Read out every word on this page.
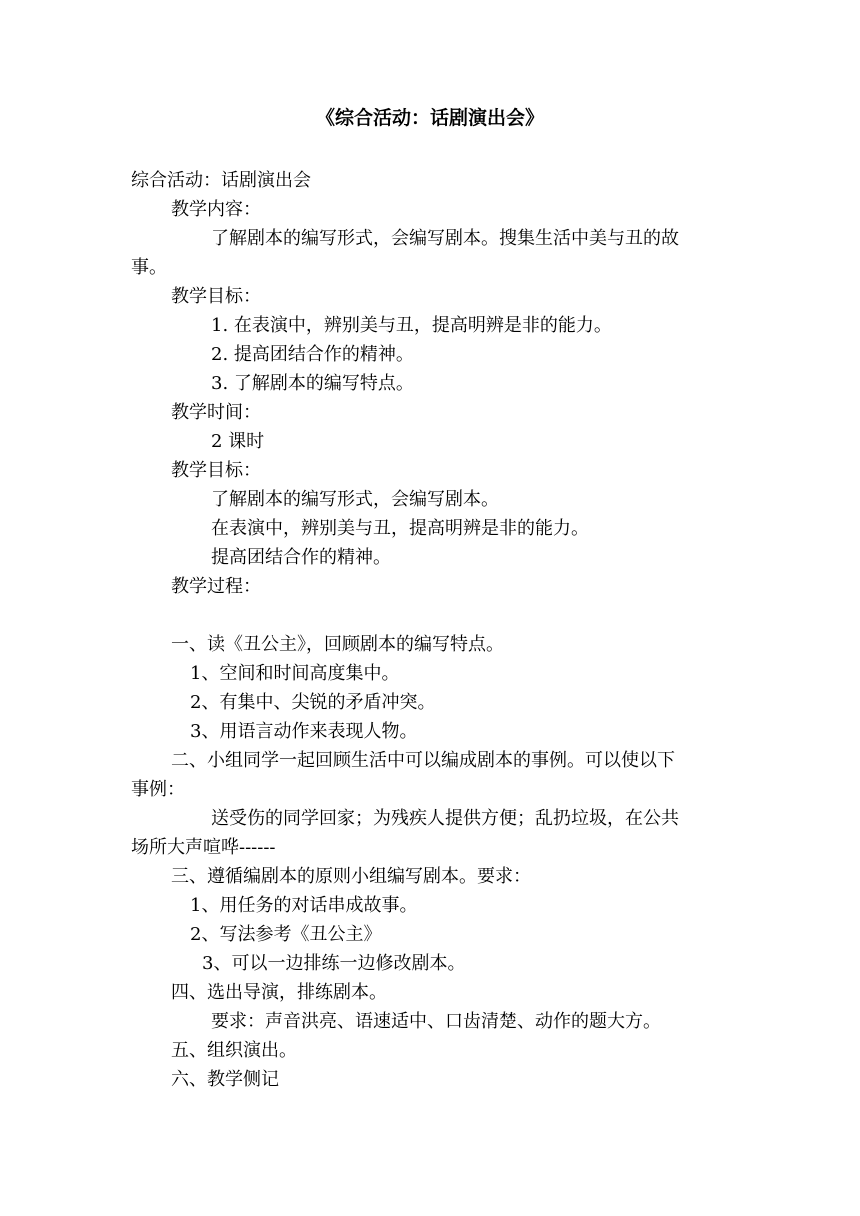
《综合活动：话剧演出会》
综合活动：话剧演出会
教学内容：
了解剧本的编写形式，会编写剧本。搜集生活中美与丑的故
事。
教学目标：
1. 在表演中，辨别美与丑，提高明辨是非的能力。
2. 提高团结合作的精神。
3. 了解剧本的编写特点。
教学时间：
2 课时
教学目标：
了解剧本的编写形式，会编写剧本。
在表演中，辨别美与丑，提高明辨是非的能力。
提高团结合作的精神。
教学过程：
一、读《丑公主》，回顾剧本的编写特点。
1、空间和时间高度集中。
2、有集中、尖锐的矛盾冲突。
3、用语言动作来表现人物。
二、小组同学一起回顾生活中可以编成剧本的事例。可以使以下
事例：
送受伤的同学回家；为残疾人提供方便；乱扔垃圾，在公共
场所大声喧哗------
三、遵循编剧本的原则小组编写剧本。要求：
1、用任务的对话串成故事。
2、写法参考《丑公主》
3、可以一边排练一边修改剧本。
四、选出导演，排练剧本。
要求：声音洪亮、语速适中、口齿清楚、动作的题大方。
五、组织演出。
六、教学侧记
